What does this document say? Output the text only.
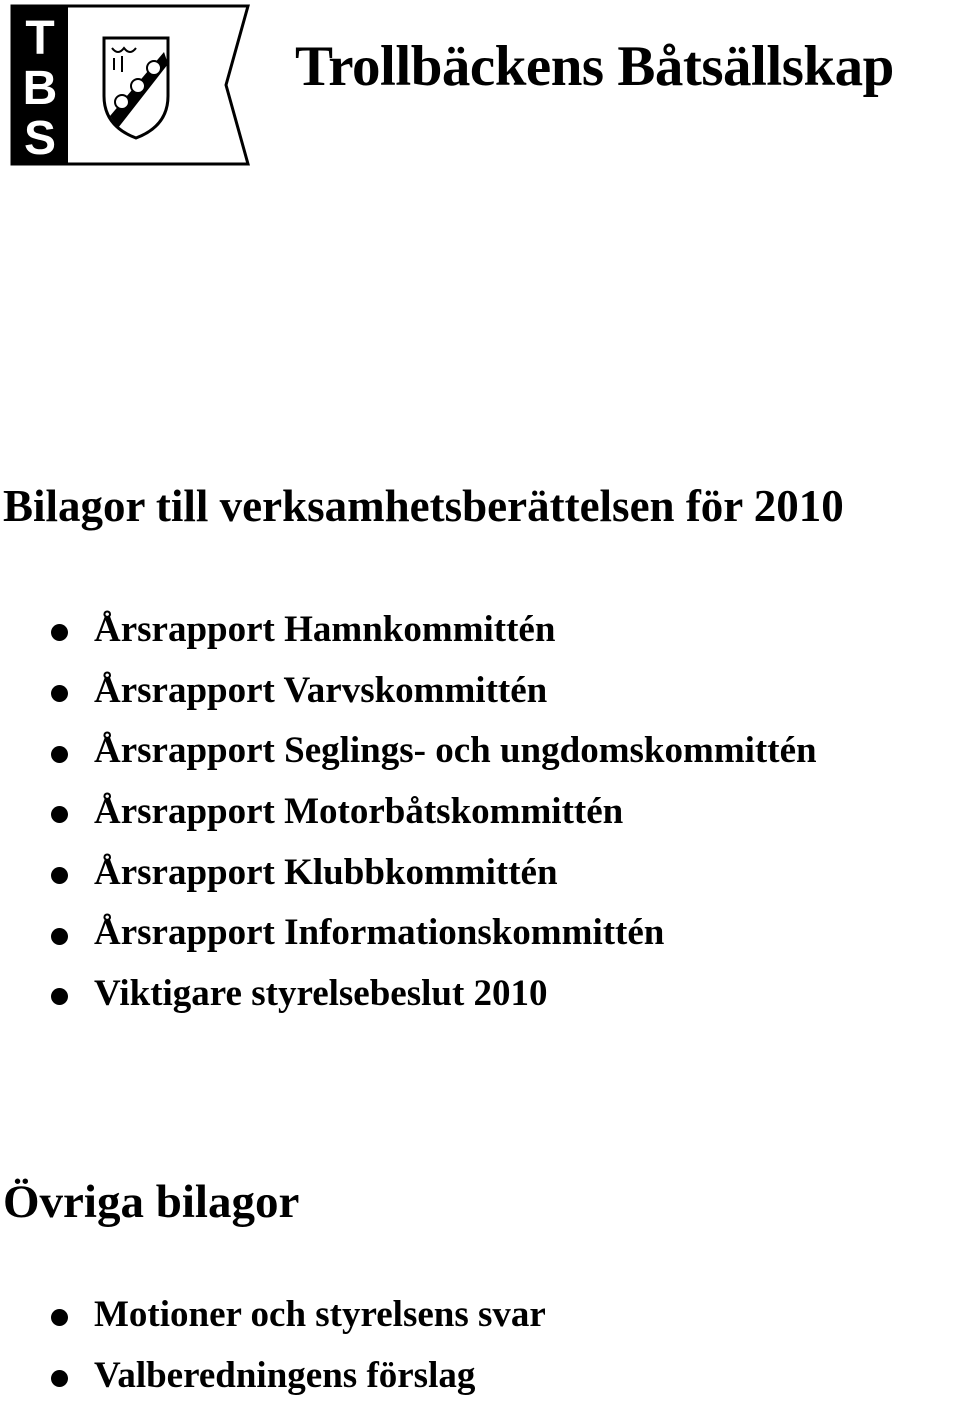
T
B
S
Trollbäckens Båtsällskap
Bilagor till verksamhetsberättelsen för 2010
Årsrapport Hamnkommittén
Årsrapport Varvskommittén
Årsrapport Seglings- och ungdomskommittén
Årsrapport Motorbåtskommittén
Årsrapport Klubbkommittén
Årsrapport Informationskommittén
Viktigare styrelsebeslut 2010
Övriga bilagor
Motioner och styrelsens svar
Valberedningens förslag
